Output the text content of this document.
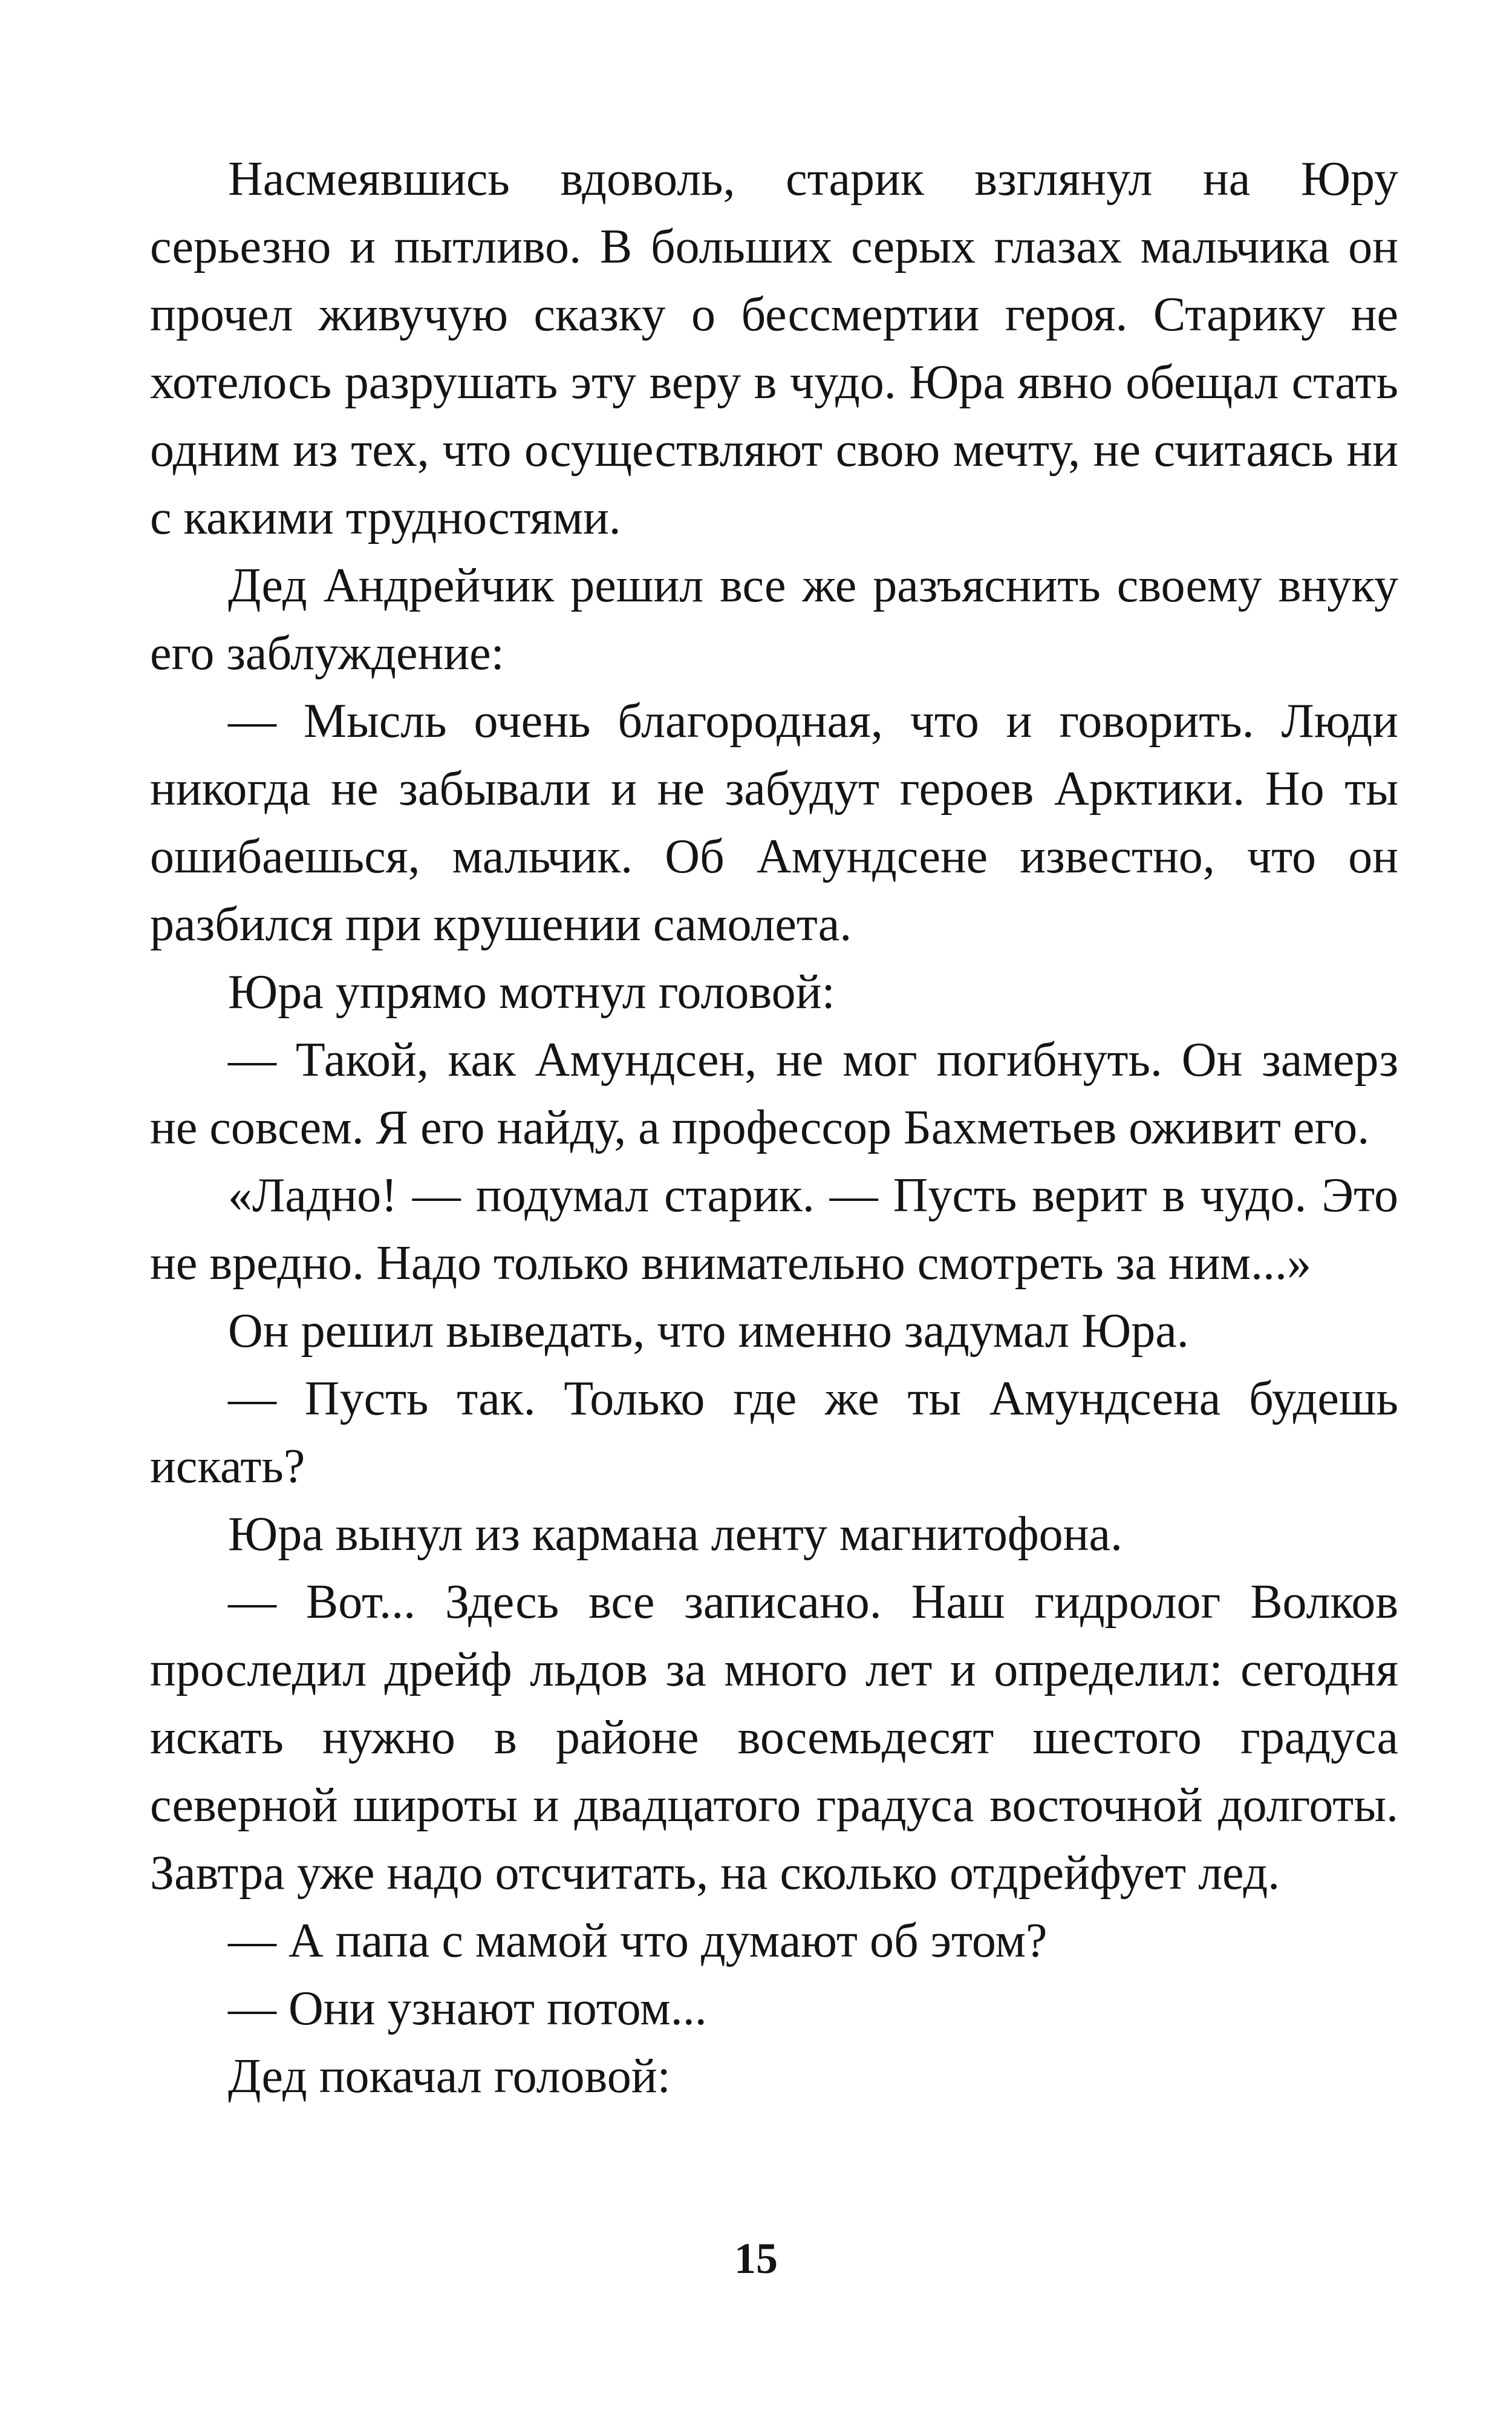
Насмеявшись вдоволь, старик взглянул на Юру серьезно и пытливо. В больших серых глазах мальчика он прочел живучую сказку о бессмертии героя. Старику не хотелось разрушать эту веру в чудо. Юра явно обещал стать одним из тех, что осуществляют свою мечту, не считаясь ни с какими трудностями.

Дед Андрейчик решил все же разъяснить своему внуку его заблуждение:

— Мысль очень благородная, что и говорить. Люди никогда не забывали и не забудут героев Арктики. Но ты ошибаешься, мальчик. Об Амундсене известно, что он разбился при крушении самолета.

Юра упрямо мотнул головой:

— Такой, как Амундсен, не мог погибнуть. Он замерз не совсем. Я его найду, а профессор Бахметьев оживит его.

«Ладно! — подумал старик. — Пусть верит в чудо. Это не вредно. Надо только внимательно смотреть за ним...»

Он решил выведать, что именно задумал Юра.

— Пусть так. Только где же ты Амундсена будешь искать?

Юра вынул из кармана ленту магнитофона.

— Вот... Здесь все записано. Наш гидролог Волков проследил дрейф льдов за много лет и определил: сегодня искать нужно в районе восемьдесят шестого градуса северной широты и двадцатого градуса восточной долготы. Завтра уже надо отсчитать, на сколько отдрейфует лед.

— А папа с мамой что думают об этом?

— Они узнают потом...

Дед покачал головой:

15
